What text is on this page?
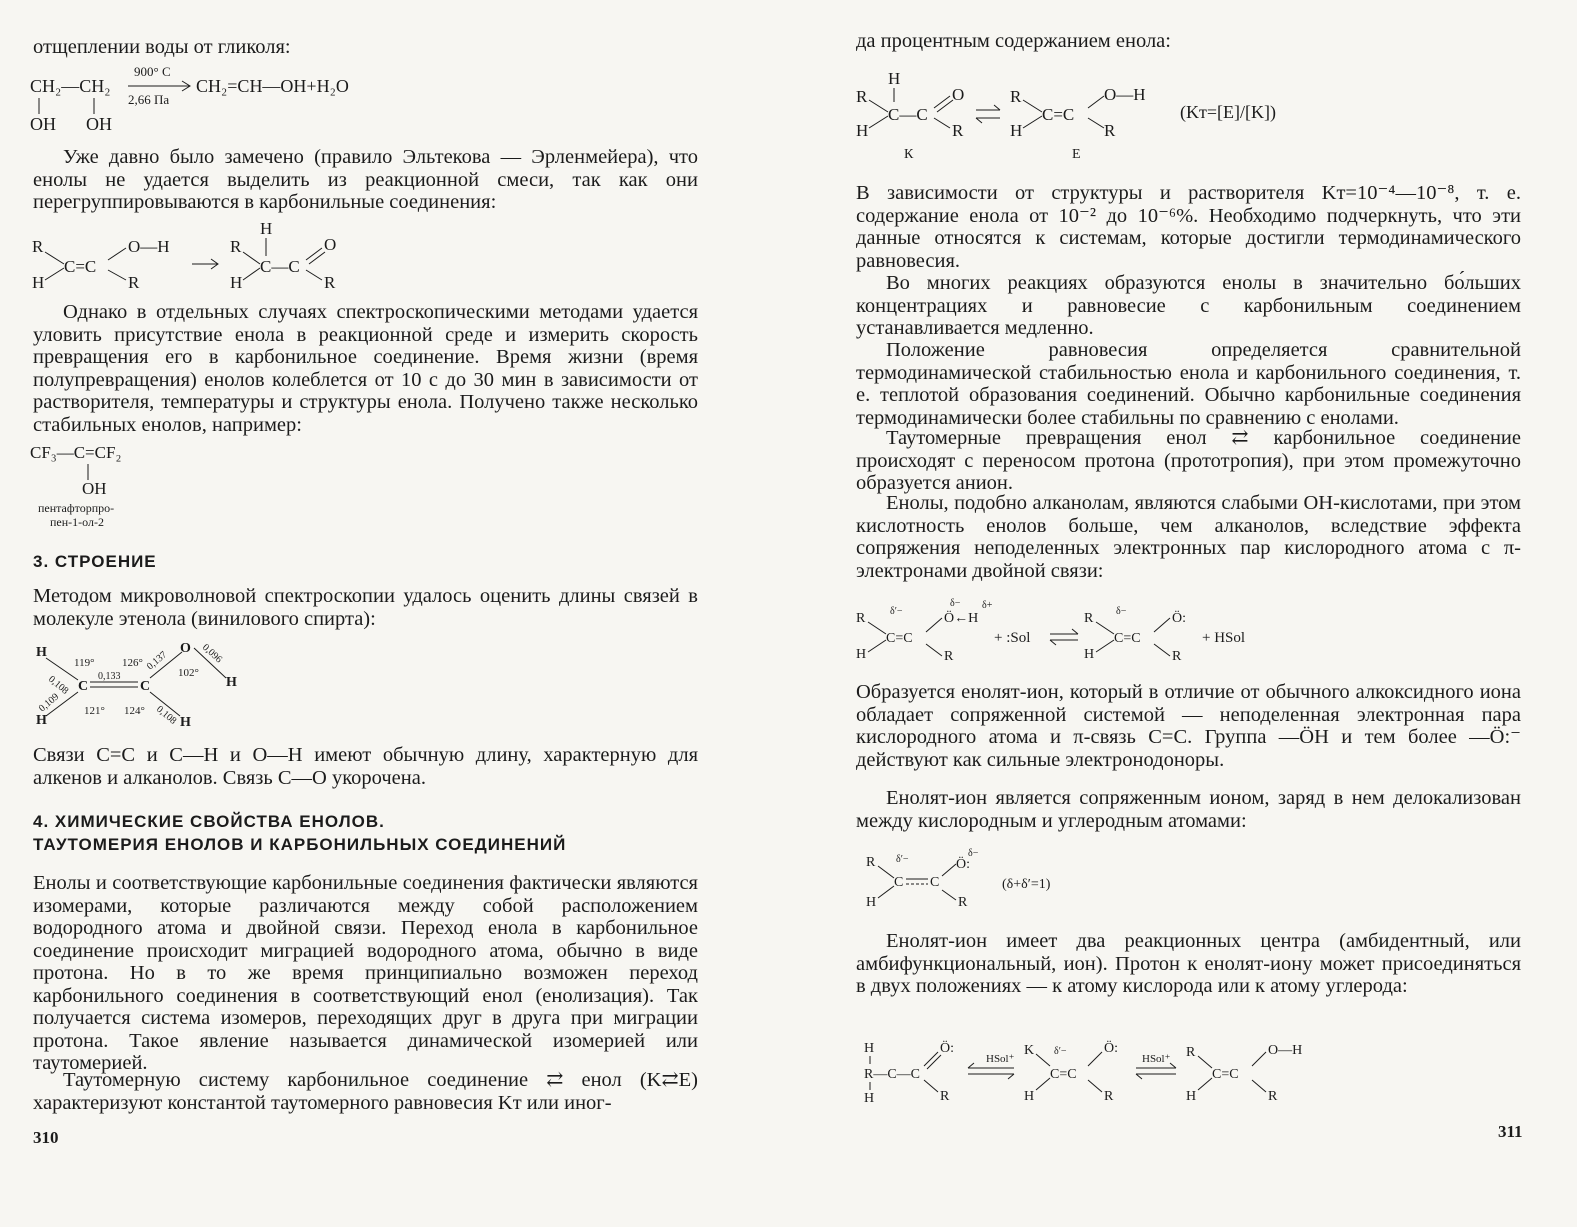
отщеплении воды от гликоля:

CH₂—CH₂
OH OH
900° C
2,66 Па
CH₂=CH—OH+H₂O

Уже давно было замечено (правило Эльтекова — Эрленмейера), что енолы не удается выделить из реакционной смеси, так как они перегруппировываются в карбонильные соединения:

R
H
C=C
O—H
R
H
R
H
C—C
O
R

Однако в отдельных случаях спектроскопическими методами удается уловить присутствие енола в реакционной среде и измерить скорость превращения его в карбонильное соединение. Время жизни (время полупревращения) енолов колеблется от 10 с до 30 мин в зависимости от растворителя, температуры и структуры енола. Получено также несколько стабильных енолов, например:

CF₃—C=CF₂
OH
пентафторпро-
пен-1-ол-2
3. СТРОЕНИЕ

Методом микроволновой спектроскопии удалось оценить длины связей в молекуле этенола (винилового спирта):

H
0,108 C
H
0,109
0,133
C
0,137
O 0,096
H
0,108 H
119°	126°
102°
121° 124°

Связи C=C и C—H и O—H имеют обычную длину, характерную для алкенов и алканолов. Связь C—O укорочена.

4. ХИМИЧЕСКИЕ СВОЙСТВА ЕНОЛОВ.
ТАУТОМЕРИЯ ЕНОЛОВ И КАРБОНИЛЬНЫХ СОЕДИНЕНИЙ

Енолы и соответствующие карбонильные соединения фактически являются изомерами, которые различаются между собой расположением водородного атома и двойной связи. Переход енола в карбонильное соединение происходит миграцией водородного атома, обычно в виде протона. Но в то же время принципиально возможен переход карбонильного соединения в соответствующий енол (енолизация). Так получается система изомеров, переходящих друг в друга при миграции протона. Такое явление называется динамической изомерией или таутомерией.

Таутомерную систему карбонильное соединение ⇄ енол (K⇄E) характеризуют константой таутомерного равновесия Kт или иног-

310

да процентным содержанием енола:

H
R
H
C—C
O
R
К
R
H
C=C
O—H
R
Е
(Kт=[E]/[K])

В зависимости от структуры и растворителя Kт=10⁻⁴—10⁻⁸, т. е. содержание енола от 10⁻² до 10⁻⁶%. Необходимо подчеркнуть, что эти данные относятся к системам, которые достигли термодинамического равновесия.

Во многих реакциях образуются енолы в значительно бо́льших концентрациях и равновесие с карбонильным соединением устанавливается медленно.

Положение равновесия определяется сравнительной термодинамической стабильностью енола и карбонильного соединения, т. е. теплотой образования соединений. Обычно карбонильные соединения термодинамически более стабильны по сравнению с енолами.

Таутомерные превращения енол ⇄ карбонильное соединение происходят с переносом протона (прототропия), при этом промежуточно образуется анион.

Енолы, подобно алканолам, являются слабыми OH-кислотами, при этом кислотность енолов больше, чем алканолов, вследствие эффекта сопряжения неподеленных электронных пар кислородного атома с π-электронами двойной связи:

R
H
C=C
Ö←H
δ− δ+
δ′−
R
+ :Sol
R
H
C=C
δ−	Ö:
R
+ HSol

Образуется енолят-ион, который в отличие от обычного алкоксидного иона обладает сопряженной системой — неподеленная электронная пара кислородного атома и π-связь C=C. Группа —ÖH и тем более —Ö:⁻ действуют как сильные электронодоноры.

Енолят-ион является сопряженным ионом, заряд в нем делокализован между кислородным и углеродным атомами:

R
H
C
δ′−
C
Ö:
δ−
R
(δ+δ′=1)

Енолят-ион имеет два реакционных центра (амбидентный, или амбифункциональный, ион). Протон к енолят-иону может присоединяться в двух положениях — к атому кислорода или к атому углерода:

H
R—C—C
H
Ö:
R
HSol⁺
K
H
C=C
δ′−	Ö:
R
HSol⁺ R
H
C=C
O—H
R
311
